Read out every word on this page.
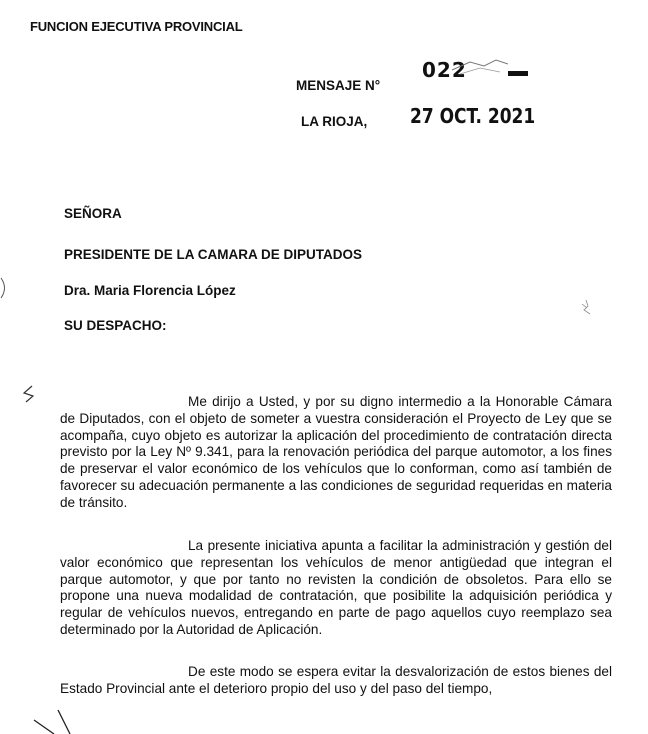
FUNCION EJECUTIVA PROVINCIAL
MENSAJE N°
022
LA RIOJA, 27 OCT. 2021
SEÑORA
PRESIDENTE DE LA CAMARA DE DIPUTADOS
Dra. Maria Florencia López
SU DESPACHO:

Me dirijo a Usted, y por su digno intermedio a la Honorable Cámara de Diputados, con el objeto de someter a vuestra consideración el Proyecto de Ley que se acompaña, cuyo objeto es autorizar la aplicación del procedimiento de contratación directa previsto por la Ley Nº 9.341, para la renovación periódica del parque automotor, a los fines de preservar el valor económico de los vehículos que lo conforman, como así también de favorecer su adecuación permanente a las condiciones de seguridad requeridas en materia de tránsito.

La presente iniciativa apunta a facilitar la administración y gestión del valor económico que representan los vehículos de menor antigüedad que integran el parque automotor, y que por tanto no revisten la condición de obsoletos. Para ello se propone una nueva modalidad de contratación, que posibilite la adquisición periódica y regular de vehículos nuevos, entregando en parte de pago aquellos cuyo reemplazo sea determinado por la Autoridad de Aplicación.

De este modo se espera evitar la desvalorización de estos bienes del Estado Provincial ante el deterioro propio del uso y del paso del tiempo,
